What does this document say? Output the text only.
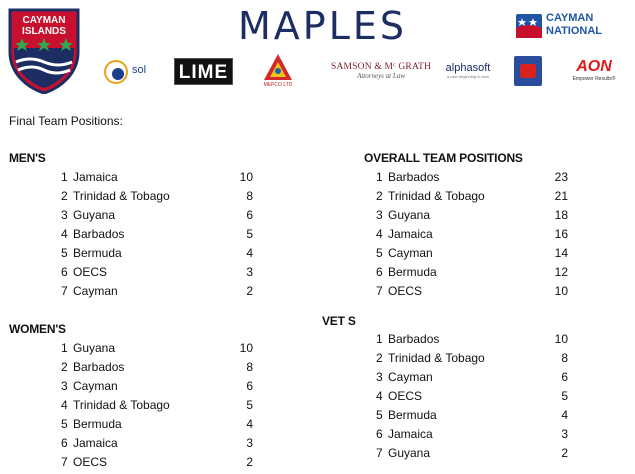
CAYMAN
ISLANDS	MAPLES	CAYMAN
NATIONAL
sol LIME
MEPCO LTD
SAMSON & Mᶜ GRATH
Attorneys at Law
alphasoft
a new beginning in tech
AON
Empower Results®
Final Team Positions:
MEN'S
WOMEN'S
OVERALL TEAM POSITIONS
VET S
1 Jamaica	10
2 Trinidad & Tobago	8
3 Guyana	6
4 Barbados	5
5 Bermuda	4
6 OECS	3
7 Cayman	2
1 Guyana	10
2 Barbados	8
3 Cayman	6
4 Trinidad & Tobago	5
5 Bermuda	4
6 Jamaica	3
7 OECS	2
1 Barbados	23
2 Trinidad & Tobago	21
3 Guyana	18
4 Jamaica	16
5 Cayman	14
6 Bermuda	12
7 OECS	10
1 Barbados	10
2 Trinidad & Tobago	8
3 Cayman	6
4 OECS	5
5 Bermuda	4
6 Jamaica	3
7 Guyana	2
